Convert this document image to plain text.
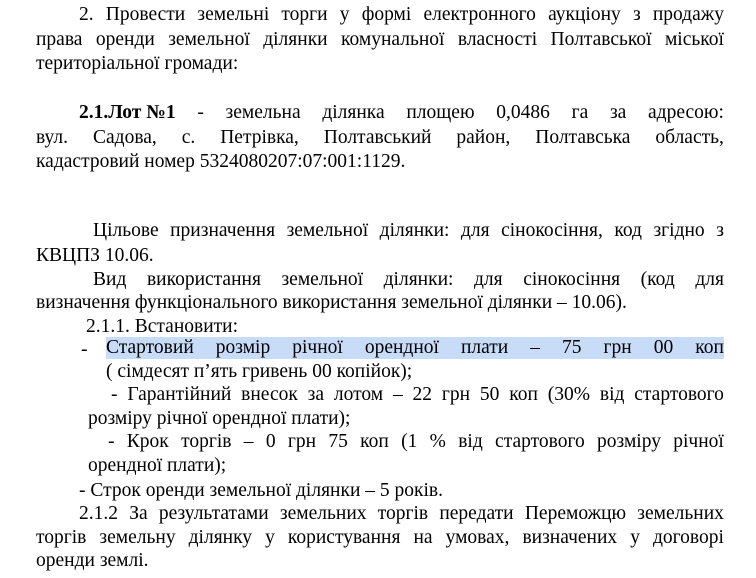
2. Провести земельні торги у формі електронного аукціону з продажу
права оренди земельної ділянки комунальної власності Полтавської міської
територіальної громади:
2.1.Лот №1 - земельна ділянка площею 0,0486 га за адресою:
вул. Садова, с. Петрівка, Полтавський район, Полтавська область,
кадастровий номер 5324080207:07:001:1129.
Цільове призначення земельної ділянки: для сінокосіння, код згідно з
КВЦПЗ 10.06.
Вид використання земельної ділянки: для сінокосіння (код для
визначення функціонального використання земельної ділянки – 10.06).
2.1.1. Встановити:
- Стартовий розмір річної орендної плати – 75 грн 00 коп
( сімдесят п’ять гривень 00 копійок);
- Гарантійний внесок за лотом – 22 грн 50 коп (30% від стартового
розміру річної орендної плати);
- Крок торгів – 0 грн 75 коп (1 % від стартового розміру річної
орендної плати);
- Строк оренди земельної ділянки – 5 років.
2.1.2 За результатами земельних торгів передати Переможцю земельних
торгів земельну ділянку у користування на умовах, визначених у договорі
оренди землі.
